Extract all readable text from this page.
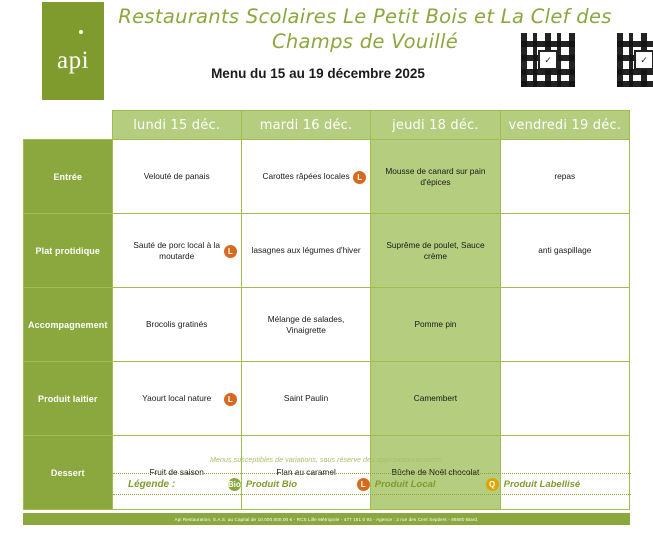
api
Restaurants Scolaires Le Petit Bois et La Clef des Champs de Vouillé
Menu du 15 au 19 décembre 2025
✓	✓
	lundi 15 déc.	mardi 16 déc.	jeudi 18 déc.	vendredi 19 déc.
Entrée	Velouté de panais	Carottes râpées locales L	Mousse de canard sur pain d'épices	repas

Plat protidique	Sauté de porc local à la moutarde L	lasagnes aux légumes d'hiver	Suprême de poulet, Sauce crème	anti gaspillage

Accompagnement	Brocolis gratinés	Mélange de salades, Vinaigrette	Pomme pin	

Produit laitier	Yaourt local nature L	Saint Paulin	Camembert	

Dessert	Fruit de saison	Flan au caramel	Bûche de Noël chocolat	

Menus susceptibles de variations, sous réserve des approvisionnements.
Légende :	Bio Produit Bio	L Produit Local	Q Produit Labellisé
Api Restauration, S.A.S. au Capital de 10.000.000,00 € - RCS Lille Métropole - 477 161 0 93 - Agence : 3 rue des Cent Septiers - 86580 Biard.
